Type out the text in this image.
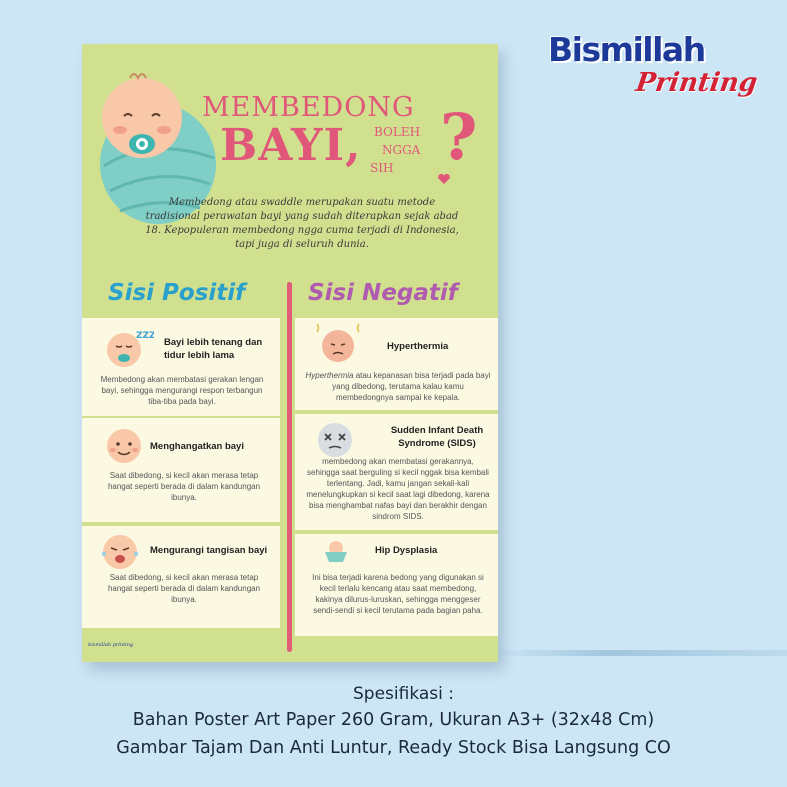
Bismillah
Printing
MEMBEDONG
BAYI, BOLEH
NGGA
SIH ?
Membedong atau swaddle merupakan suatu metode tradisional perawatan bayi yang sudah diterapkan sejak abad 18. Kepopuleran membedong ngga cuma terjadi di Indonesia, tapi juga di seluruh dunia.
Sisi Positif	Sisi Negatif
ZZZ
Bayi lebih tenang dan tidur lebih lama
Membedong akan membatasi gerakan lengan bayi, sehingga mengurangi respon terbangun tiba-tiba pada bayi.
Menghangatkan bayi
Saat dibedong, si kecil akan merasa tetap hangat seperti berada di dalam kandungan ibunya.
Mengurangi tangisan bayi
Saat dibedong, si kecil akan merasa tetap hangat seperti berada di dalam kandungan ibunya.
Hyperthermia
Hyperthermia atau kepanasan bisa terjadi pada bayi yang dibedong, terutama kalau kamu membedongnya sampai ke kepala.
Sudden Infant Death Syndrome (SIDS)
membedong akan membatasi gerakannya, sehingga saat berguling si kecil nggak bisa kembali terlentang. Jadi, kamu jangan sekali-kali menelungkupkan si kecil saat lagi dibedong, karena bisa menghambat nafas bayi dan berakhir dengan sindrom SIDS.
Hip Dysplasia
Ini bisa terjadi karena bedong yang digunakan si kecil terlalu kencang atau saat membedong, kakinya dilurus-luruskan, sehingga menggeser sendi-sendi si kecil terutama pada bagian paha.
bismillah printing
Spesifikasi :
Bahan Poster Art Paper 260 Gram, Ukuran A3+ (32x48 Cm)
Gambar Tajam Dan Anti Luntur, Ready Stock Bisa Langsung CO
